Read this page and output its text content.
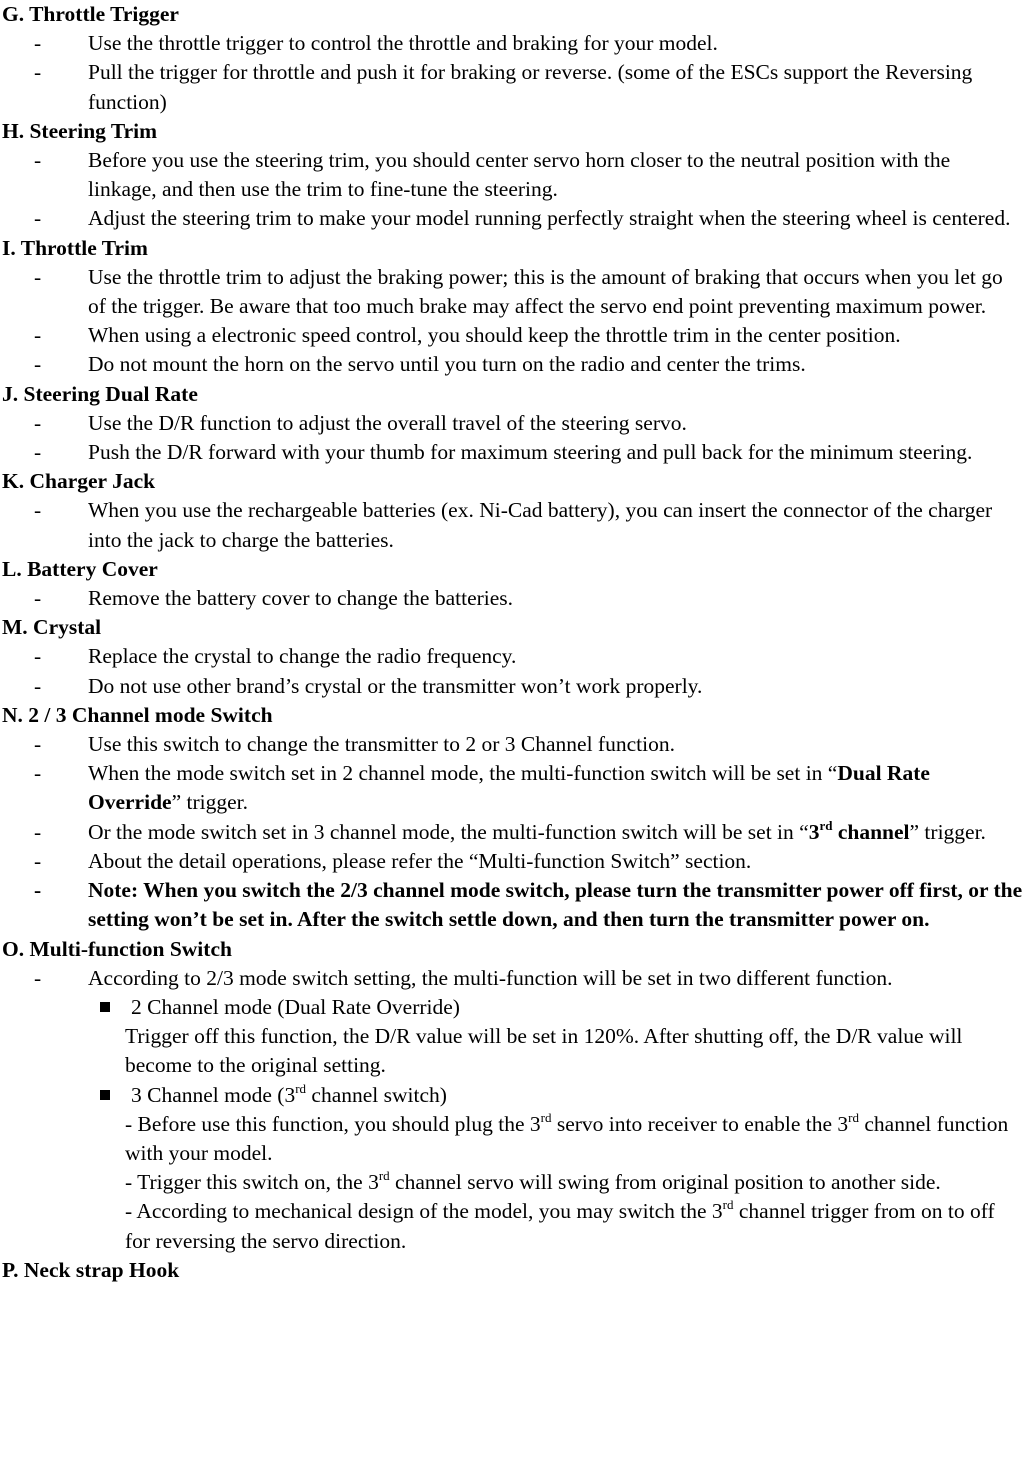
G. Throttle Trigger
- Use the throttle trigger to control the throttle and braking for your model.
- Pull the trigger for throttle and push it for braking or reverse. (some of the ESCs support the Reversing function)
H. Steering Trim
- Before you use the steering trim, you should center servo horn closer to the neutral position with the linkage, and then use the trim to fine-tune the steering.
- Adjust the steering trim to make your model running perfectly straight when the steering wheel is centered.
I. Throttle Trim
- Use the throttle trim to adjust the braking power; this is the amount of braking that occurs when you let go of the trigger. Be aware that too much brake may affect the servo end point preventing maximum power.
- When using a electronic speed control, you should keep the throttle trim in the center position.
- Do not mount the horn on the servo until you turn on the radio and center the trims.
J. Steering Dual Rate
- Use the D/R function to adjust the overall travel of the steering servo.
- Push the D/R forward with your thumb for maximum steering and pull back for the minimum steering.
K. Charger Jack
- When you use the rechargeable batteries (ex. Ni-Cad battery), you can insert the connector of the charger into the jack to charge the batteries.
L. Battery Cover
- Remove the battery cover to change the batteries.
M. Crystal
- Replace the crystal to change the radio frequency.
- Do not use other brand’s crystal or the transmitter won’t work properly.
N. 2 / 3 Channel mode Switch
- Use this switch to change the transmitter to 2 or 3 Channel function.
- When the mode switch set in 2 channel mode, the multi-function switch will be set in “Dual Rate Override” trigger.
- Or the mode switch set in 3 channel mode, the multi-function switch will be set in “3rd channel” trigger.
- About the detail operations, please refer the “Multi-function Switch” section.
- Note: When you switch the 2/3 channel mode switch, please turn the transmitter power off first, or the setting won’t be set in. After the switch settle down, and then turn the transmitter power on.
O. Multi-function Switch
- According to 2/3 mode switch setting, the multi-function will be set in two different function.
2 Channel mode (Dual Rate Override)
Trigger off this function, the D/R value will be set in 120%. After shutting off, the D/R value will become to the original setting.
3 Channel mode (3rd channel switch)
- Before use this function, you should plug the 3rd servo into receiver to enable the 3rd channel function with your model.
- Trigger this switch on, the 3rd channel servo will swing from original position to another side.
- According to mechanical design of the model, you may switch the 3rd channel trigger from on to off for reversing the servo direction.
P. Neck strap Hook
